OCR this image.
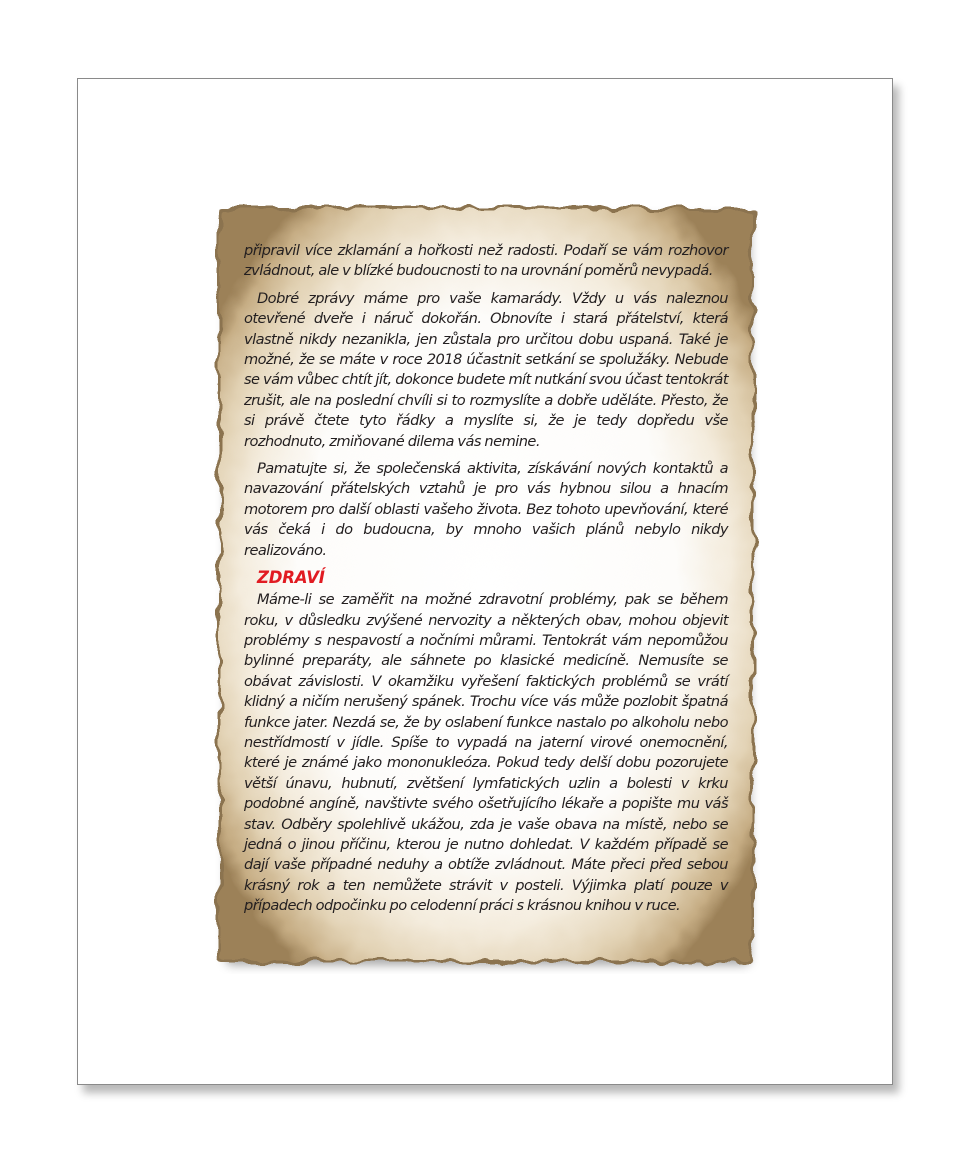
připravil více zklamání a hořkosti než radosti. Podaří se vám rozhovor zvládnout, ale v blízké budoucnosti to na urovnání poměrů nevypadá.

Dobré zprávy máme pro vaše kamarády. Vždy u vás naleznou otevřené dveře i náruč dokořán. Obnovíte i stará přátelství, která vlastně nikdy nezanikla, jen zůstala pro určitou dobu uspaná. Také je možné, že se máte v roce 2018 účastnit setkání se spolužáky. Nebude se vám vůbec chtít jít, dokonce budete mít nutkání svou účast tentokrát zrušit, ale na poslední chvíli si to rozmyslíte a dobře uděláte. Přesto, že si právě čtete tyto řádky a myslíte si, že je tedy dopředu vše rozhodnuto, zmiňované dilema vás nemine.

Pamatujte si, že společenská aktivita, získávání nových kontaktů a navazování přátelských vztahů je pro vás hybnou silou a hnacím motorem pro další oblasti vašeho života. Bez tohoto upevňování, které vás čeká i do budoucna, by mnoho vašich plánů nebylo nikdy realizováno.

ZDRAVÍ

Máme-li se zaměřit na možné zdravotní problémy, pak se během roku, v důsledku zvýšené nervozity a některých obav, mohou objevit problémy s nespavostí a nočními můrami. Tentokrát vám nepomůžou bylinné preparáty, ale sáhnete po klasické medicíně. Nemusíte se obávat závislosti. V okamžiku vyřešení faktických problémů se vrátí klidný a ničím nerušený spánek. Trochu více vás může pozlobit špatná funkce jater. Nezdá se, že by oslabení funkce nastalo po alkoholu nebo nestřídmostí v jídle. Spíše to vypadá na jaterní virové onemocnění, které je známé jako mononukleóza. Pokud tedy delší dobu pozorujete větší únavu, hubnutí, zvětšení lymfatických uzlin a bolesti v krku podobné angíně, navštivte svého ošetřujícího lékaře a popište mu váš stav. Odběry spolehlivě ukážou, zda je vaše obava na místě, nebo se jedná o jinou příčinu, kterou je nutno dohledat. V každém případě se dají vaše případné neduhy a obtíže zvládnout. Máte přeci před sebou krásný rok a ten nemůžete strávit v posteli. Výjimka platí pouze v případech odpočinku po celodenní práci s krásnou knihou v ruce.
